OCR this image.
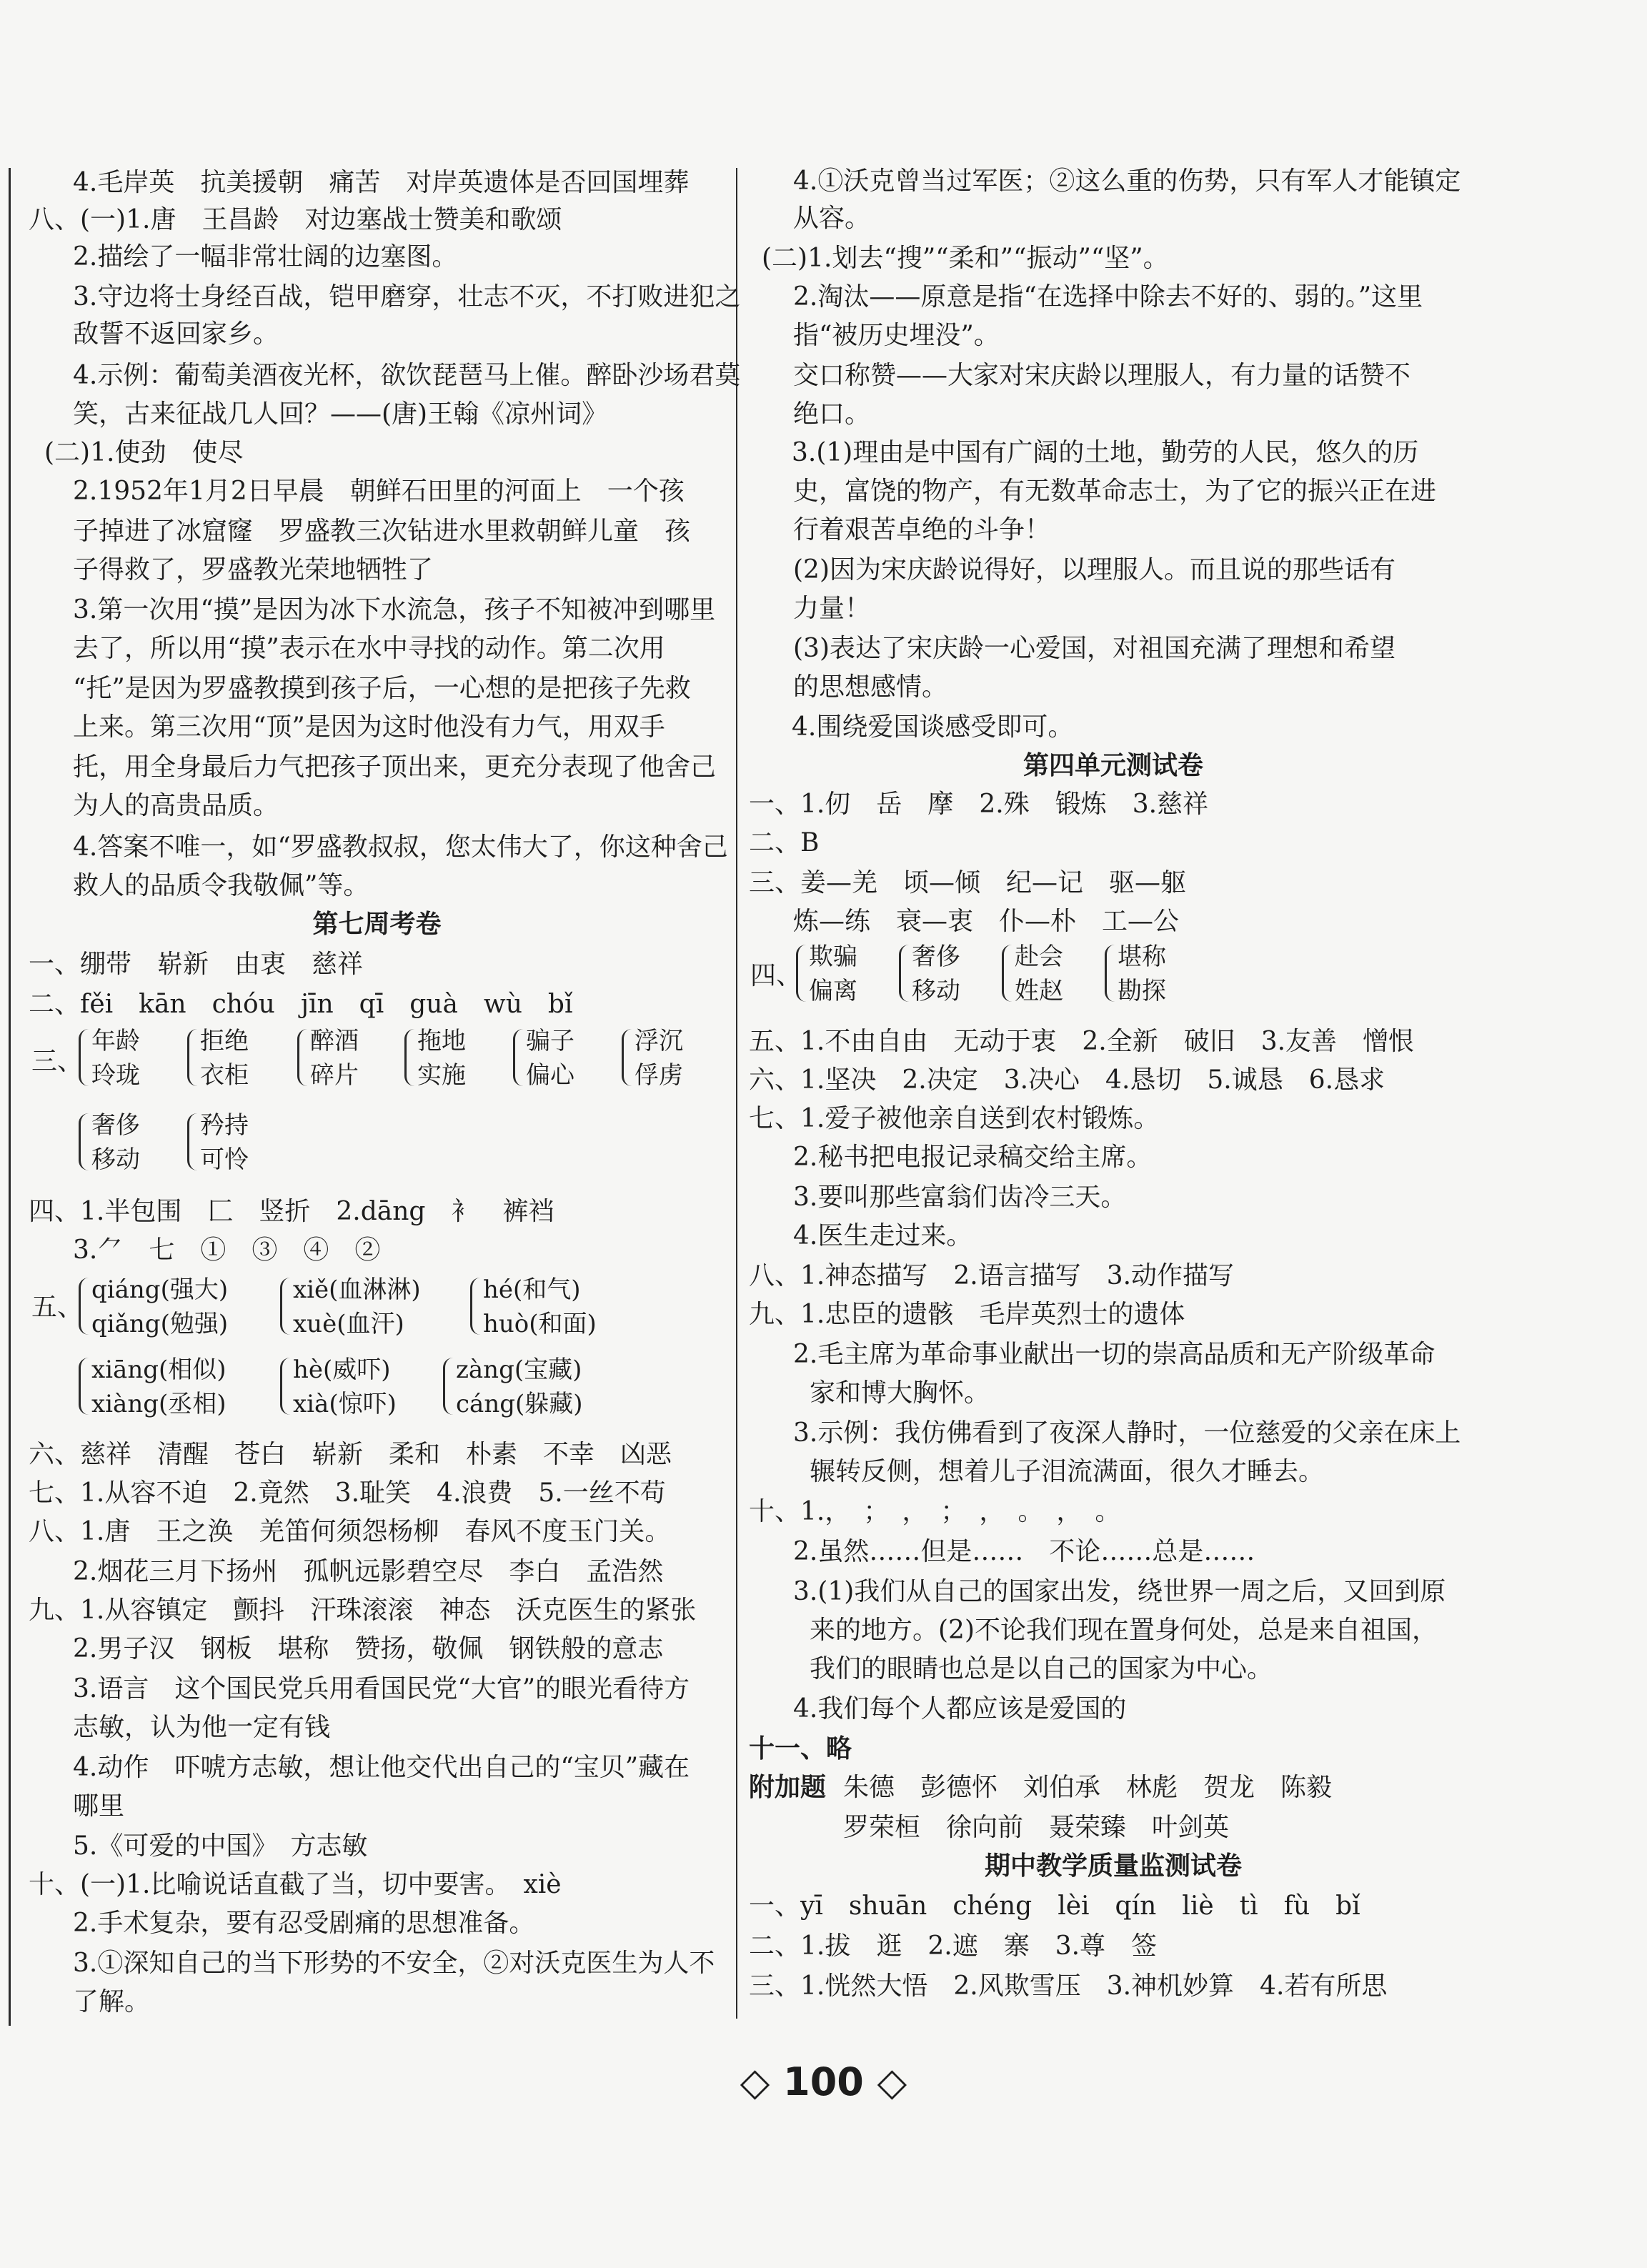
4.毛岸英　抗美援朝　痛苦　对岸英遗体是否回国埋葬
八、(一)1.唐　王昌龄　对边塞战士赞美和歌颂
2.描绘了一幅非常壮阔的边塞图。
3.守边将士身经百战，铠甲磨穿，壮志不灭，不打败进犯之
敌誓不返回家乡。
4.示例：葡萄美酒夜光杯，欲饮琵琶马上催。醉卧沙场君莫
笑，古来征战几人回？——(唐)王翰《凉州词》
(二)1.使劲　使尽
2.1952年1月2日早晨　朝鲜石田里的河面上　一个孩
子掉进了冰窟窿　罗盛教三次钻进水里救朝鲜儿童　孩
子得救了，罗盛教光荣地牺牲了
3.第一次用“摸”是因为冰下水流急，孩子不知被冲到哪里
去了，所以用“摸”表示在水中寻找的动作。第二次用
“托”是因为罗盛教摸到孩子后，一心想的是把孩子先救
上来。第三次用“顶”是因为这时他没有力气，用双手
托，用全身最后力气把孩子顶出来，更充分表现了他舍己
为人的高贵品质。
4.答案不唯一，如“罗盛教叔叔，您太伟大了，你这种舍己
救人的品质令我敬佩”等。
第七周考卷
一、绷带　崭新　由衷　慈祥
二、fěi　kān　chóu　jīn　qī　guà　wù　bǐ
三、
年龄
玲珑
拒绝
衣柜
醉酒
碎片
拖地
实施
骗子
偏心
浮沉
俘虏
奢侈
移动
矜持
可怜
四、1.半包围　匚　竖折　2.dāng　衤　裤裆
3.⺈　七　①　③　④　②
五、
qiáng(强大)
qiǎng(勉强)
xiě(血淋淋)
xuè(血汗)
hé(和气)
huò(和面)
xiāng(相似)
xiàng(丞相)
hè(威吓)
xià(惊吓)
zàng(宝藏)
cáng(躲藏)
六、慈祥　清醒　苍白　崭新　柔和　朴素　不幸　凶恶
七、1.从容不迫　2.竟然　3.耻笑　4.浪费　5.一丝不苟
八、1.唐　王之涣　羌笛何须怨杨柳　春风不度玉门关。
2.烟花三月下扬州　孤帆远影碧空尽　李白　孟浩然
九、1.从容镇定　颤抖　汗珠滚滚　神态　沃克医生的紧张
2.男子汉　钢板　堪称　赞扬，敬佩　钢铁般的意志
3.语言　这个国民党兵用看国民党“大官”的眼光看待方
志敏，认为他一定有钱
4.动作　吓唬方志敏，想让他交代出自己的“宝贝”藏在
哪里
5.《可爱的中国》　方志敏
十、(一)1.比喻说话直截了当，切中要害。　xiè
2.手术复杂，要有忍受剧痛的思想准备。
3.①深知自己的当下形势的不安全，②对沃克医生为人不
了解。
4.①沃克曾当过军医；②这么重的伤势，只有军人才能镇定
从容。
(二)1.划去“搜”“柔和”“振动”“坚”。
2.淘汰——原意是指“在选择中除去不好的、弱的。”这里
指“被历史埋没”。
交口称赞——大家对宋庆龄以理服人，有力量的话赞不
绝口。
3.(1)理由是中国有广阔的土地，勤劳的人民，悠久的历
史，富饶的物产，有无数革命志士，为了它的振兴正在进
行着艰苦卓绝的斗争！
(2)因为宋庆龄说得好，以理服人。而且说的那些话有
力量！
(3)表达了宋庆龄一心爱国，对祖国充满了理想和希望
的思想感情。
4.围绕爱国谈感受即可。
第四单元测试卷
一、1.仞　岳　摩　2.殊　锻炼　3.慈祥
二、B
三、姜—羌　顷—倾　纪—记　驱—躯
炼—练　衰—衷　仆—朴　工—公
四、
欺骗
偏离
奢侈
移动
赴会
姓赵
堪称
勘探
五、1.不由自由　无动于衷　2.全新　破旧　3.友善　憎恨
六、1.坚决　2.决定　3.决心　4.恳切　5.诚恳　6.恳求
七、1.爱子被他亲自送到农村锻炼。
2.秘书把电报记录稿交给主席。
3.要叫那些富翁们齿冷三天。
4.医生走过来。
八、1.神态描写　2.语言描写　3.动作描写
九、1.忠臣的遗骸　毛岸英烈士的遗体
2.毛主席为革命事业献出一切的崇高品质和无产阶级革命
家和博大胸怀。
3.示例：我仿佛看到了夜深人静时，一位慈爱的父亲在床上
辗转反侧，想着儿子泪流满面，很久才睡去。
十、1.，　；　，　；　，　。　，　。
2.虽然……但是……　不论……总是……
3.(1)我们从自己的国家出发，绕世界一周之后，又回到原
来的地方。(2)不论我们现在置身何处，总是来自祖国，
我们的眼睛也总是以自己的国家为中心。
4.我们每个人都应该是爱国的
十一、略
附加题 朱德　彭德怀　刘伯承　林彪　贺龙　陈毅
罗荣桓　徐向前　聂荣臻　叶剑英
期中教学质量监测试卷
一、yī　shuān　chéng　lèi　qín　liè　tì　fù　bǐ
二、1.拔　逛　2.遮　寨　3.尊　签
三、1.恍然大悟　2.风欺雪压　3.神机妙算　4.若有所思
◇ 100 ◇
